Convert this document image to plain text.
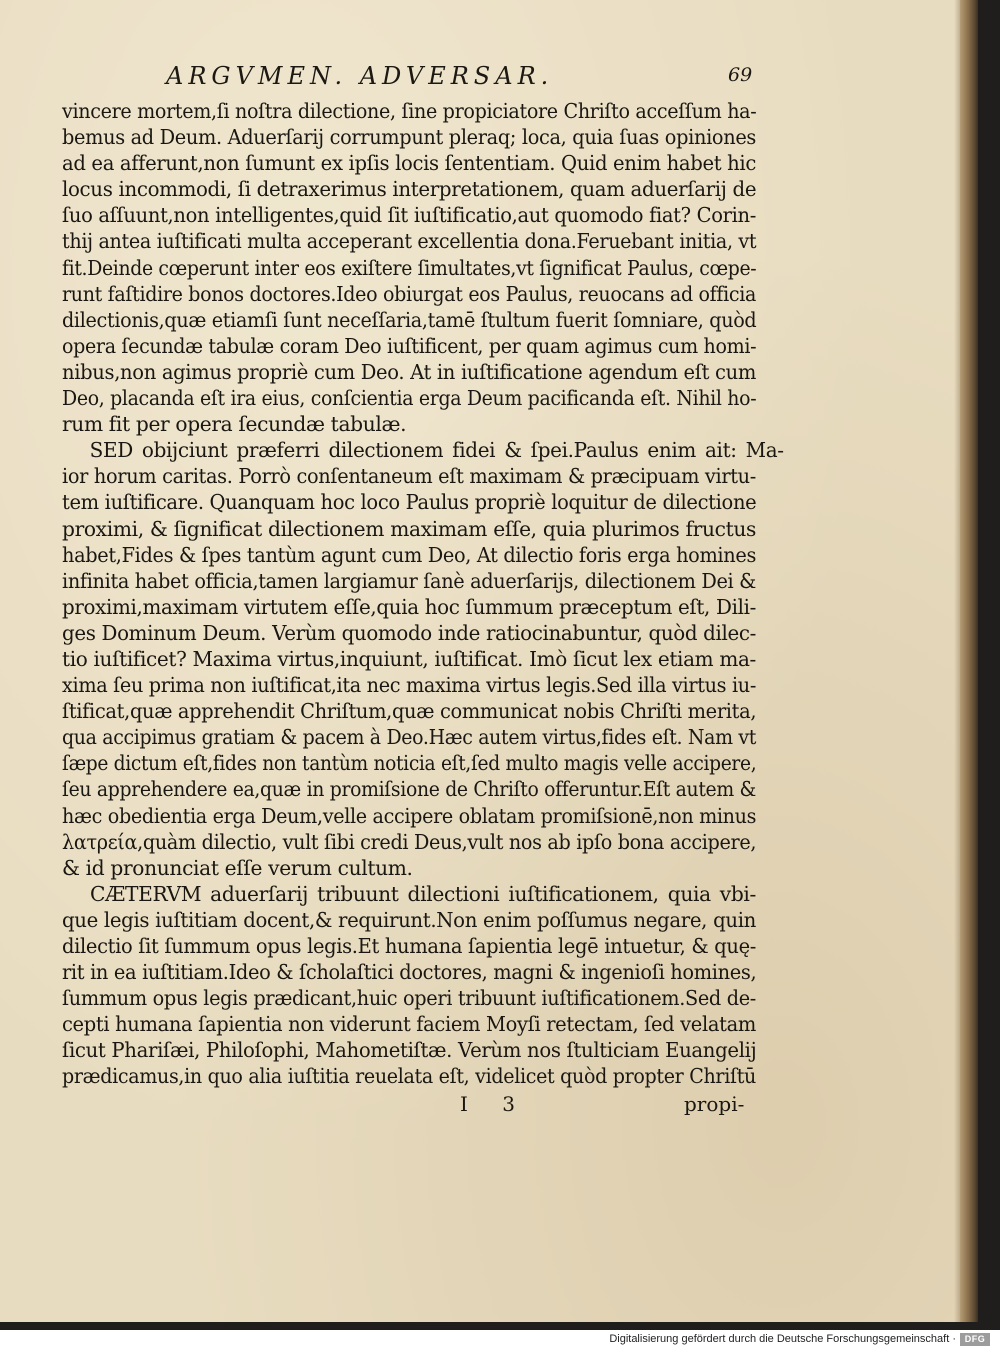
ARGVMEN. ADVERSAR.	69
vincere mortem,ſi noſtra dilectione, ſine propiciatore Chriſto acceſſum ha-
bemus ad Deum. Aduerſarij corrumpunt pleraq; loca, quia ſuas opiniones
ad ea afferunt,non ſumunt ex ipſis locis ſententiam. Quid enim habet hic
locus incommodi, ſi detraxerimus interpretationem, quam aduerſarij de
ſuo aſſuunt,non intelligentes,quid ſit iuſtificatio,aut quomodo fiat? Corin-
thij antea iuſtificati multa acceperant excellentia dona.Feruebant initia, vt
fit.Deinde cœperunt inter eos exiſtere ſimultates,vt ſignificat Paulus, cœpe-
runt faſtidire bonos doctores.Ideo obiurgat eos Paulus, reuocans ad officia
dilectionis,quæ etiamſi ſunt neceſſaria,tamē ſtultum fuerit ſomniare, quòd
opera ſecundæ tabulæ coram Deo iuſtificent, per quam agimus cum homi-
nibus,non agimus propriè cum Deo. At in iuſtificatione agendum eſt cum
Deo, placanda eſt ira eius, conſcientia erga Deum pacificanda eſt. Nihil ho-
rum fit per opera ſecundæ tabulæ.
SED obijciunt præferri dilectionem fidei & ſpei.Paulus enim ait: Ma-
ior horum caritas. Porrò conſentaneum eſt maximam & præcipuam virtu-
tem iuſtificare. Quanquam hoc loco Paulus propriè loquitur de dilectione
proximi, & ſignificat dilectionem maximam eſſe, quia plurimos fructus
habet,Fides & ſpes tantùm agunt cum Deo, At dilectio foris erga homines
infinita habet officia,tamen largiamur ſanè aduerſarijs, dilectionem Dei &
proximi,maximam virtutem eſſe,quia hoc ſummum præceptum eſt, Dili-
ges Dominum Deum. Verùm quomodo inde ratiocinabuntur, quòd dilec-
tio iuſtificet? Maxima virtus,inquiunt, iuſtificat. Imò ſicut lex etiam ma-
xima ſeu prima non iuſtificat,ita nec maxima virtus legis.Sed illa virtus iu-
ſtificat,quæ apprehendit Chriſtum,quæ communicat nobis Chriſti merita,
qua accipimus gratiam & pacem à Deo.Hæc autem virtus,fides eſt. Nam vt
ſæpe dictum eſt,fides non tantùm noticia eſt,ſed multo magis velle accipere,
ſeu apprehendere ea,quæ in promiſsione de Chriſto offeruntur.Eſt autem &
hæc obedientia erga Deum,velle accipere oblatam promiſsionē,non minus
λατρεία,quàm dilectio, vult ſibi credi Deus,vult nos ab ipſo bona accipere,
& id pronunciat eſſe verum cultum.
CÆTERVM aduerſarij tribuunt dilectioni iuſtificationem, quia vbi-
que legis iuſtitiam docent,& requirunt.Non enim poſſumus negare, quin
dilectio ſit ſummum opus legis.Et humana ſapientia legē intuetur, & quę-
rit in ea iuſtitiam.Ideo & ſcholaſtici doctores, magni & ingenioſi homines,
ſummum opus legis prædicant,huic operi tribuunt iuſtificationem.Sed de-
cepti humana ſapientia non viderunt faciem Moyſi retectam, ſed velatam
ſicut Phariſæi, Philoſophi, Mahometiſtæ. Verùm nos ſtulticiam Euangelij
prædicamus,in quo alia iuſtitia reuelata eſt, videlicet quòd propter Chriſtū
I 3	propi-
Digitalisierung gefördert durch die Deutsche Forschungsgemeinschaft · DFG
